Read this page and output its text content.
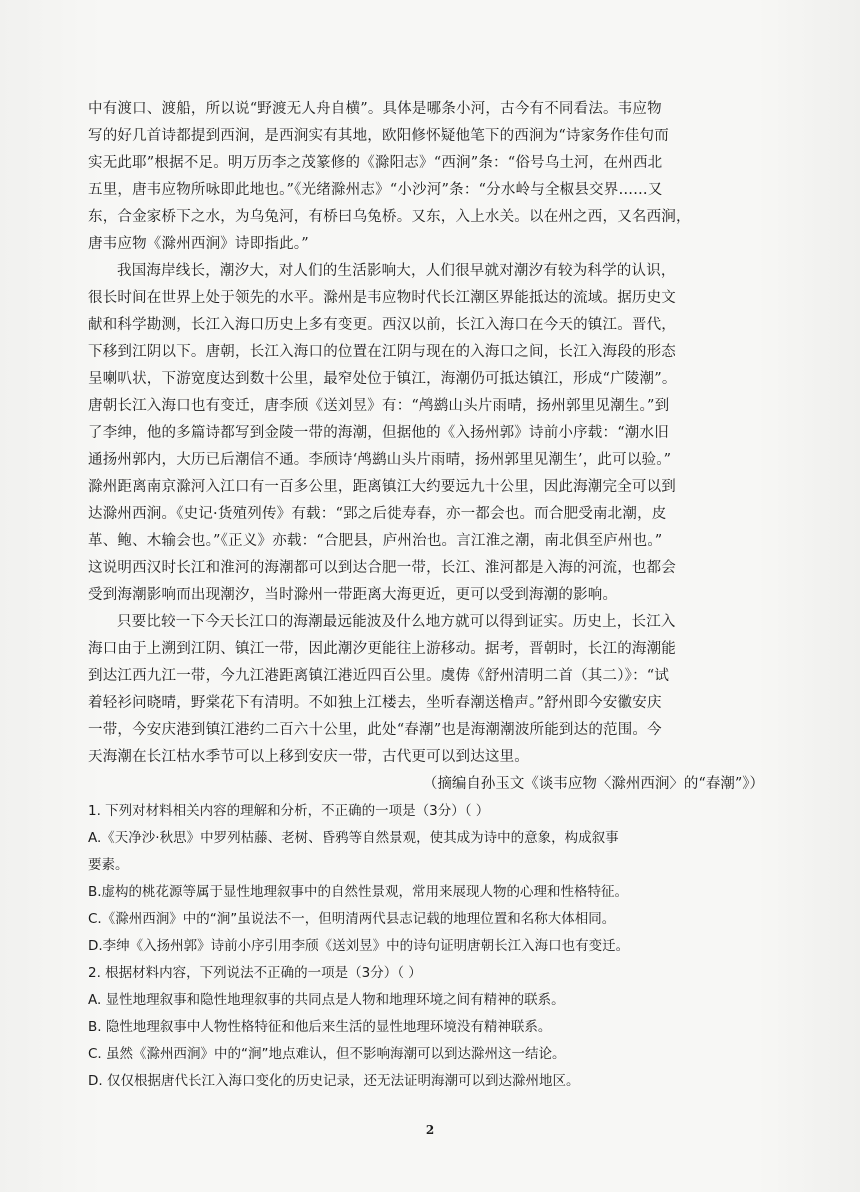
中有渡口、渡船，所以说“野渡无人舟自横”。具体是哪条小河，古今有不同看法。韦应物
写的好几首诗都提到西涧，是西涧实有其地，欧阳修怀疑他笔下的西涧为“诗家务作佳句而
实无此耶”根据不足。明万历李之茂篆修的《滁阳志》“西涧”条：“俗号乌土河，在州西北
五里，唐韦应物所咏即此地也。”《光绪滁州志》“小沙河”条：“分水岭与全椒县交界……又
东，合金家桥下之水，为乌兔河，有桥曰乌兔桥。又东，入上水关。以在州之西，又名西涧，
唐韦应物《滁州西涧》诗即指此。”
我国海岸线长，潮汐大，对人们的生活影响大，人们很早就对潮汐有较为科学的认识，
很长时间在世界上处于领先的水平。滁州是韦应物时代长江潮区界能抵达的流域。据历史文
献和科学勘测，长江入海口历史上多有变更。西汉以前，长江入海口在今天的镇江。晋代，
下移到江阴以下。唐朝，长江入海口的位置在江阴与现在的入海口之间，长江入海段的形态
呈喇叭状，下游宽度达到数十公里，最窄处位于镇江，海潮仍可抵达镇江，形成“广陵潮”。
唐朝长江入海口也有变迁，唐李颀《送刘昱》有：“鸬鹚山头片雨晴，扬州郭里见潮生。”到
了李绅，他的多篇诗都写到金陵一带的海潮，但据他的《入扬州郭》诗前小序载：“潮水旧
通扬州郭内，大历已后潮信不通。李颀诗‘鸬鹚山头片雨晴，扬州郭里见潮生’，此可以验。”
滁州距离南京滁河入江口有一百多公里，距离镇江大约要远九十公里，因此海潮完全可以到
达滁州西涧。《史记·货殖列传》有载：“郢之后徙寿春，亦一都会也。而合肥受南北潮，皮
革、鲍、木输会也。”《正义》亦载：“合肥县，庐州治也。言江淮之潮，南北俱至庐州也。”
这说明西汉时长江和淮河的海潮都可以到达合肥一带，长江、淮河都是入海的河流，也都会
受到海潮影响而出现潮汐，当时滁州一带距离大海更近，更可以受到海潮的影响。
只要比较一下今天长江口的海潮最远能波及什么地方就可以得到证实。历史上，长江入
海口由于上溯到江阴、镇江一带，因此潮汐更能往上游移动。据考，晋朝时，长江的海潮能
到达江西九江一带，今九江港距离镇江港近四百公里。虞俦《舒州清明二首（其二）》：“试
着轻衫问晓晴，野棠花下有清明。不如独上江楼去，坐听春潮送橹声。”舒州即今安徽安庆
一带，今安庆港到镇江港约二百六十公里，此处“春潮”也是海潮潮波所能到达的范围。今
天海潮在长江枯水季节可以上移到安庆一带，古代更可以到达这里。
（摘编自孙玉文《谈韦应物〈滁州西涧〉的“春潮”》）
1. 下列对材料相关内容的理解和分析，不正确的一项是（3分）（ ）
A.《天净沙·秋思》中罗列枯藤、老树、昏鸦等自然景观，使其成为诗中的意象，构成叙事
要素。
B.虚构的桃花源等属于显性地理叙事中的自然性景观，常用来展现人物的心理和性格特征。
C.《滁州西涧》中的“涧”虽说法不一，但明清两代县志记载的地理位置和名称大体相同。
D.李绅《入扬州郭》诗前小序引用李颀《送刘昱》中的诗句证明唐朝长江入海口也有变迁。
2. 根据材料内容，下列说法不正确的一项是（3分）（ ）
A. 显性地理叙事和隐性地理叙事的共同点是人物和地理环境之间有精神的联系。
B. 隐性地理叙事中人物性格特征和他后来生活的显性地理环境没有精神联系。
C. 虽然《滁州西涧》中的“涧”地点难认，但不影响海潮可以到达滁州这一结论。
D. 仅仅根据唐代长江入海口变化的历史记录，还无法证明海潮可以到达滁州地区。
2
